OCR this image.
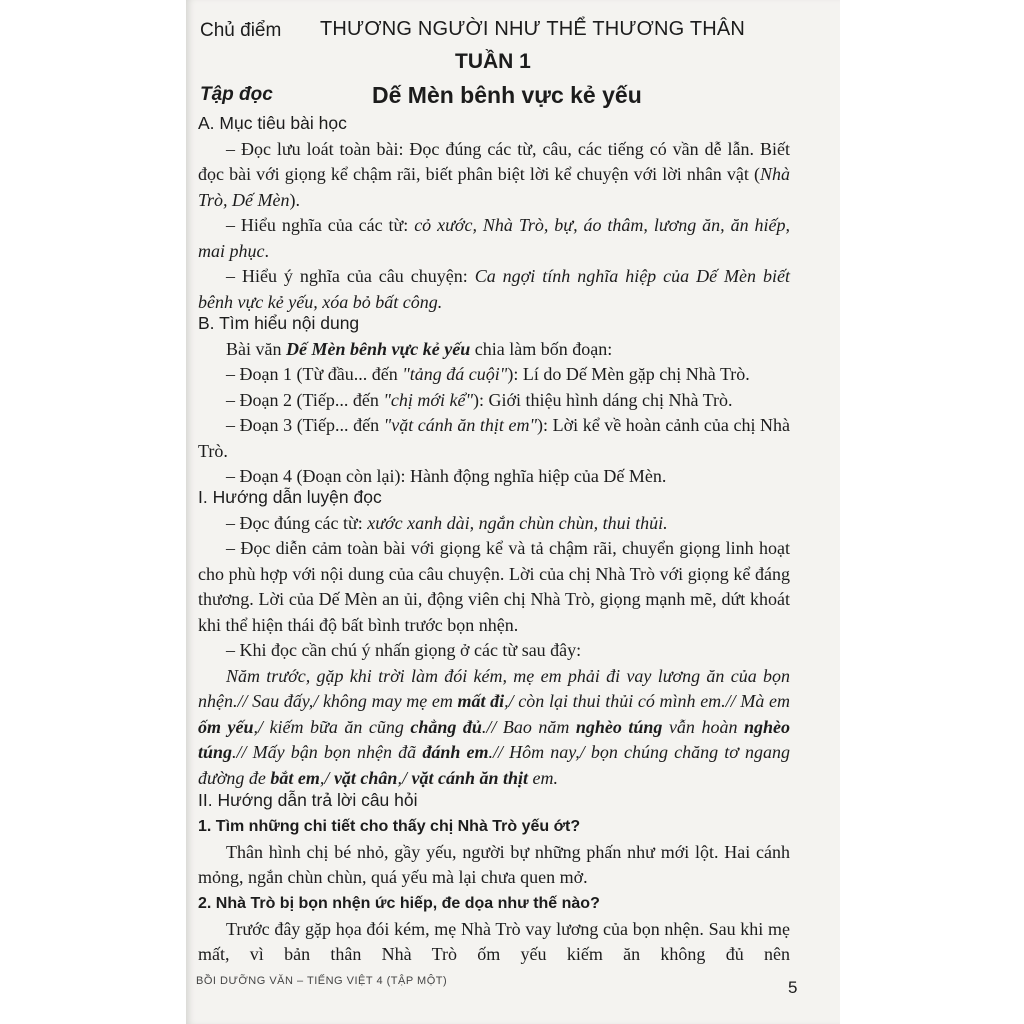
Chủ điểm THƯƠNG NGƯỜI NHƯ THỂ THƯƠNG THÂN
TUẦN 1
Tập đọc	Dế Mèn bênh vực kẻ yếu

A. Mục tiêu bài học

– Đọc lưu loát toàn bài: Đọc đúng các từ, câu, các tiếng có vần dễ lẫn. Biết đọc bài với giọng kể chậm rãi, biết phân biệt lời kể chuyện với lời nhân vật (Nhà Trò, Dế Mèn).

– Hiểu nghĩa của các từ: cỏ xước, Nhà Trò, bự, áo thâm, lương ăn, ăn hiếp, mai phục.

– Hiểu ý nghĩa của câu chuyện: Ca ngợi tính nghĩa hiệp của Dế Mèn biết bênh vực kẻ yếu, xóa bỏ bất công.

B. Tìm hiểu nội dung

Bài văn Dế Mèn bênh vực kẻ yếu chia làm bốn đoạn:

– Đoạn 1 (Từ đầu... đến "tảng đá cuội"): Lí do Dế Mèn gặp chị Nhà Trò.

– Đoạn 2 (Tiếp... đến "chị mới kể"): Giới thiệu hình dáng chị Nhà Trò.

– Đoạn 3 (Tiếp... đến "vặt cánh ăn thịt em"): Lời kể về hoàn cảnh của chị Nhà Trò.

– Đoạn 4 (Đoạn còn lại): Hành động nghĩa hiệp của Dế Mèn.

I. Hướng dẫn luyện đọc

– Đọc đúng các từ: xước xanh dài, ngắn chùn chùn, thui thủi.

– Đọc diễn cảm toàn bài với giọng kể và tả chậm rãi, chuyển giọng linh hoạt cho phù hợp với nội dung của câu chuyện. Lời của chị Nhà Trò với giọng kể đáng thương. Lời của Dế Mèn an ủi, động viên chị Nhà Trò, giọng mạnh mẽ, dứt khoát khi thể hiện thái độ bất bình trước bọn nhện.

– Khi đọc cần chú ý nhấn giọng ở các từ sau đây:

Năm trước, gặp khi trời làm đói kém, mẹ em phải đi vay lương ăn của bọn nhện.// Sau đấy,/ không may mẹ em mất đi,/ còn lại thui thủi có mình em.// Mà em ốm yếu,/ kiếm bữa ăn cũng chẳng đủ.// Bao năm nghèo túng vẫn hoàn nghèo túng.// Mấy bận bọn nhện đã đánh em.// Hôm nay,/ bọn chúng chăng tơ ngang đường đe bắt em,/ vặt chân,/ vặt cánh ăn thịt em.

II. Hướng dẫn trả lời câu hỏi

1. Tìm những chi tiết cho thấy chị Nhà Trò yếu ớt?

Thân hình chị bé nhỏ, gầy yếu, người bự những phấn như mới lột. Hai cánh mỏng, ngắn chùn chùn, quá yếu mà lại chưa quen mở.

2. Nhà Trò bị bọn nhện ức hiếp, đe dọa như thế nào?

Trước đây gặp họa đói kém, mẹ Nhà Trò vay lương của bọn nhện. Sau khi mẹ mất, vì bản thân Nhà Trò ốm yếu kiếm ăn không đủ nên

BỒI DƯỠNG VĂN – TIẾNG VIỆT 4 (TẬP MỘT)	5
